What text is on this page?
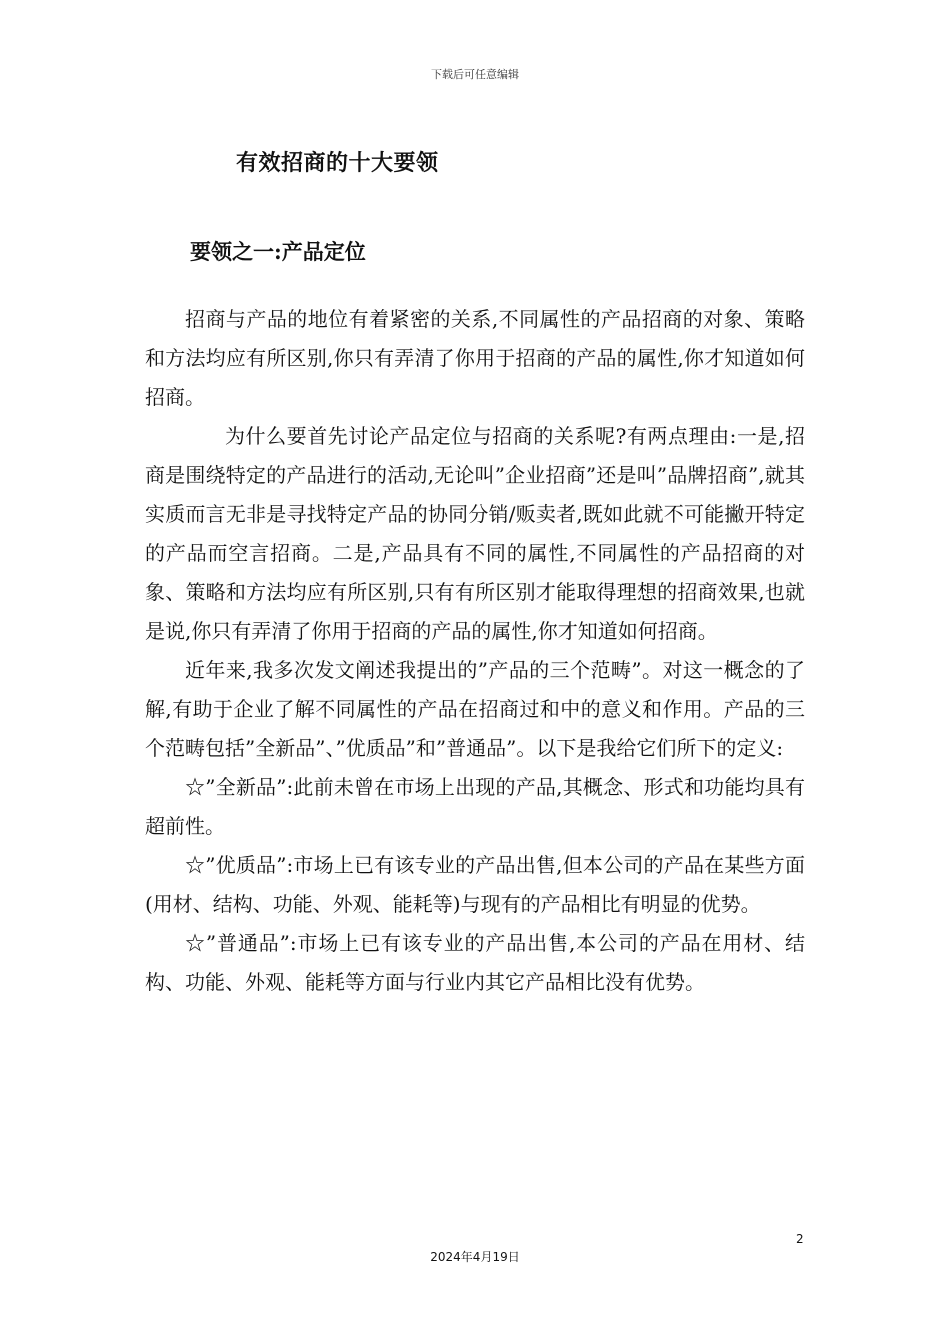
下载后可任意编辑
有效招商的十大要领
要领之一:产品定位

招商与产品的地位有着紧密的关系,不同属性的产品招商的对象、策略和方法均应有所区别,你只有弄清了你用于招商的产品的属性,你才知道如何招商。

为什么要首先讨论产品定位与招商的关系呢?有两点理由:一是,招商是围绕特定的产品进行的活动,无论叫”企业招商”还是叫”品牌招商”,就其实质而言无非是寻找特定产品的协同分销/贩卖者,既如此就不可能撇开特定的产品而空言招商。二是,产品具有不同的属性,不同属性的产品招商的对象、策略和方法均应有所区别,只有有所区别才能取得理想的招商效果,也就是说,你只有弄清了你用于招商的产品的属性,你才知道如何招商。

近年来,我多次发文阐述我提出的”产品的三个范畴”。对这一概念的了解,有助于企业了解不同属性的产品在招商过和中的意义和作用。产品的三个范畴包括”全新品”、”优质品”和”普通品”。以下是我给它们所下的定义:

☆”全新品”:此前未曾在市场上出现的产品,其概念、形式和功能均具有超前性。

☆”优质品”:市场上已有该专业的产品出售,但本公司的产品在某些方面(用材、结构、功能、外观、能耗等)与现有的产品相比有明显的优势。

☆”普通品”:市场上已有该专业的产品出售,本公司的产品在用材、结构、功能、外观、能耗等方面与行业内其它产品相比没有优势。

2
2024年4月19日
